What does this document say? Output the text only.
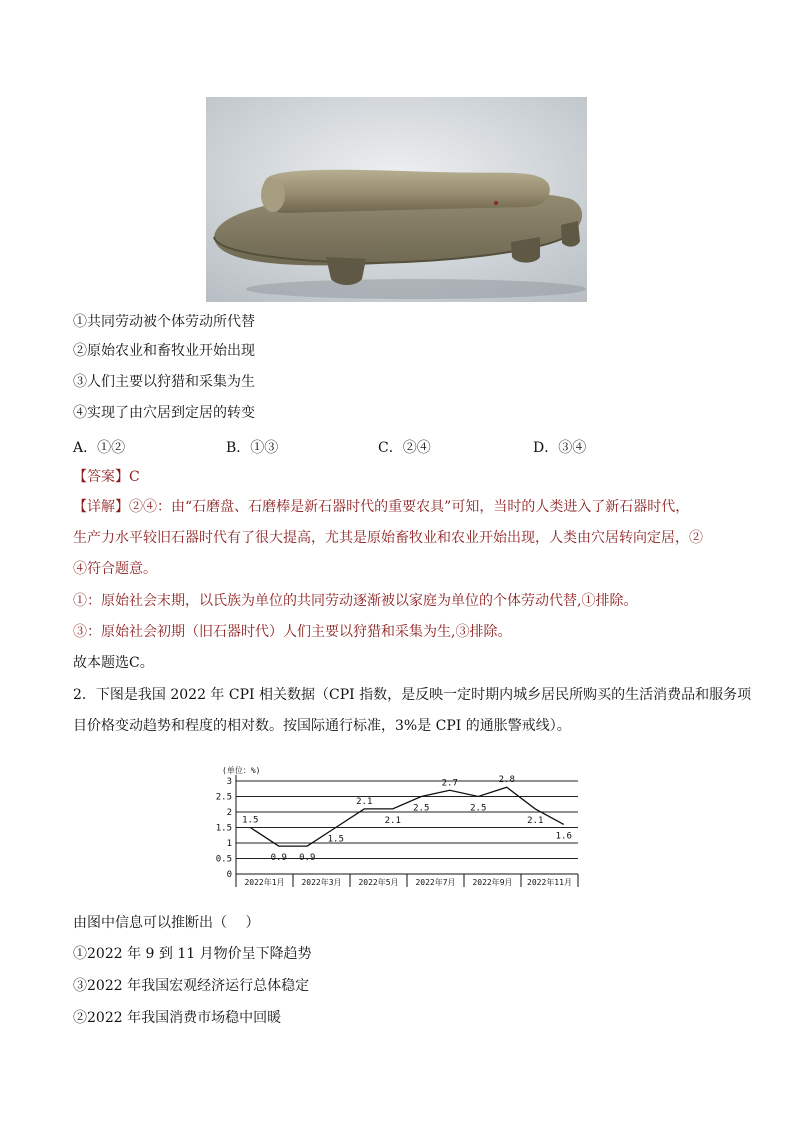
①共同劳动被个体劳动所代替
②原始农业和畜牧业开始出现
③人们主要以狩猎和采集为生
④实现了由穴居到定居的转变
A．①②	B．①③	C．②④	D．③④
【答案】C
【详解】②④：由“石磨盘、石磨棒是新石器时代的重要农具”可知，当时的人类进入了新石器时代，
生产力水平较旧石器时代有了很大提高，尤其是原始畜牧业和农业开始出现，人类由穴居转向定居，②
④符合题意。
①：原始社会末期，以氏族为单位的共同劳动逐渐被以家庭为单位的个体劳动代替,①排除。
③：原始社会初期（旧石器时代）人们主要以狩猎和采集为生,③排除。
故本题选C。
2．下图是我国 2022 年 CPI 相关数据（CPI 指数，是反映一定时期内城乡居民所购买的生活消费品和服务项
目价格变动趋势和程度的相对数。按国际通行标准，3%是 CPI 的通胀警戒线）。
(单位：%)
0
0.5
1
1.5
2
2.5
3
2022年1月 2022年3月 2022年5月 2022年7月 2022年9月 2022年11月
1.5
0.9 0.9
1.5
2.1
2.1
2.5
2.7
2.5
2.8
2.1
1.6
由图中信息可以推断出（　 ）
①2022 年 9 到 11 月物价呈下降趋势
③2022 年我国宏观经济运行总体稳定
②2022 年我国消费市场稳中回暖
